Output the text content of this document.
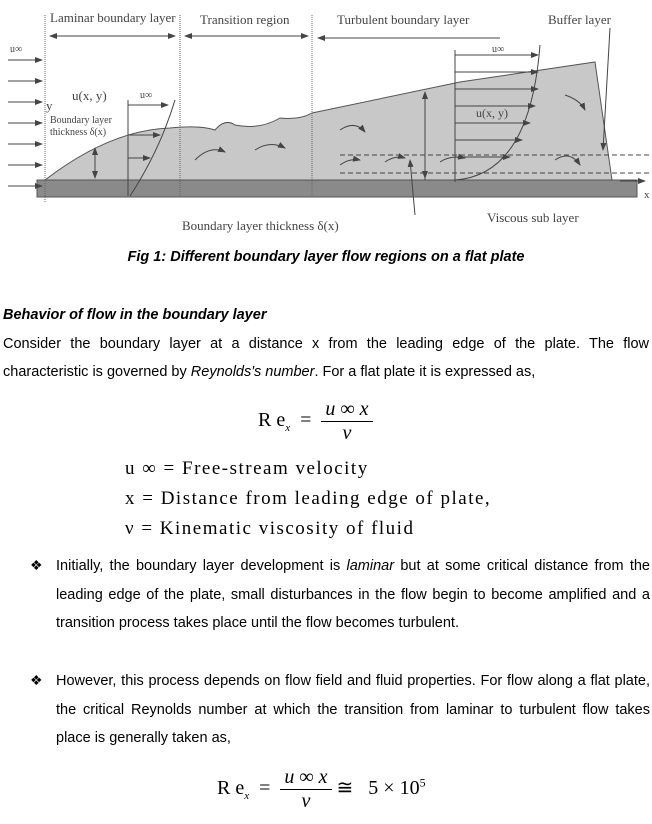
Laminar boundary layer Transition region	Turbulent boundary layer	Buffer layer
u∞
u∞
u∞
u(x, y)
u(x, y)
y
Boundary layer
thickness δ(x)
Boundary layer thickness δ(x)
Viscous sub layer
x
Fig 1: Different boundary layer flow regions on a flat plate
Behavior of flow in the boundary layer
Consider the boundary layer at a distance x from the leading edge of the plate. The flow
characteristic is governed by Reynolds's number. For a flat plate it is expressed as,
R $e_x = \frac{u \infty x}{\nu}$
u ∞ = Free-stream velocity
x = Distance from leading edge of plate,
ν = Kinematic viscosity of fluid
❖ Initially, the boundary layer development is laminar but at some critical distance from the leading edge of the plate, small disturbances in the flow begin to become amplified and a transition process takes place until the flow becomes turbulent.
❖ However, this process depends on flow field and fluid properties. For flow along a flat plate, the critical Reynolds number at which the transition from laminar to turbulent flow takes place is generally taken as,
R $e_x = \frac{u \infty x}{\nu}$ ≅ $5 \times 10^5$
